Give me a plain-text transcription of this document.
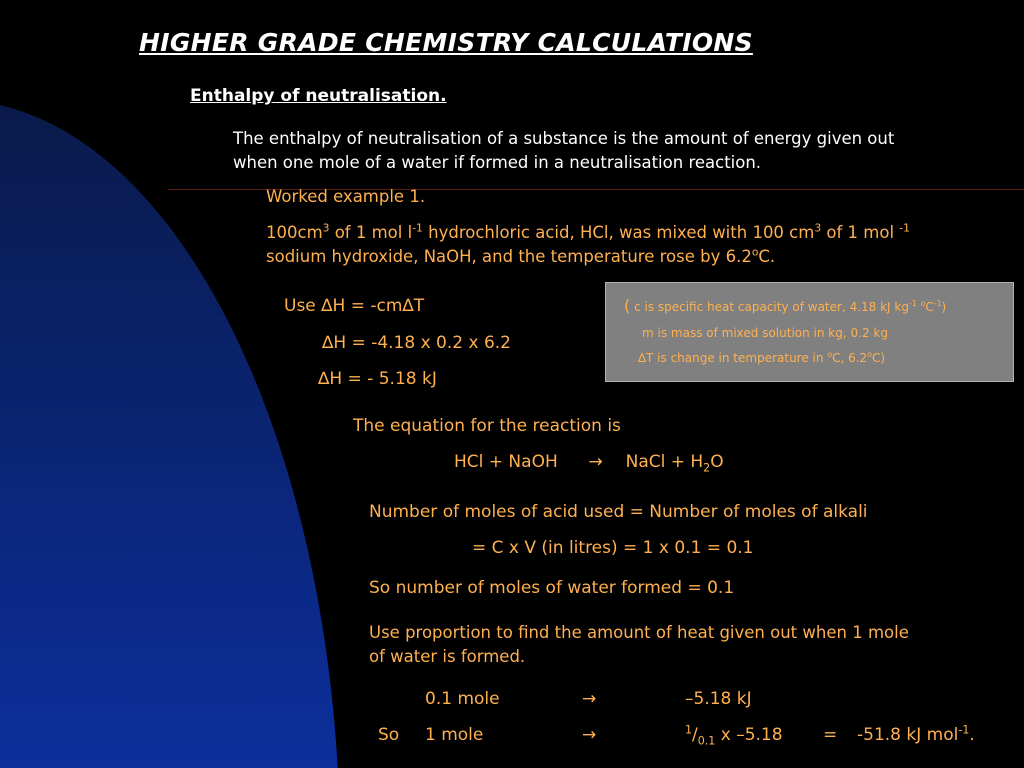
HIGHER GRADE CHEMISTRY CALCULATIONS
Enthalpy of neutralisation.
The enthalpy of neutralisation of a substance is the amount of energy given out
when one mole of a water if formed in a neutralisation reaction.
Worked example 1.
$100cm^3$ of 1 mol $l^{-1}$ hydrochloric acid, HCl, was mixed with 100 $cm^3$ of 1 mol $^{-1}$
sodium hydroxide, NaOH, and the temperature rose by 6.2$^o$C.
Use ∆H = -cm∆T
∆H = -4.18 x 0.2 x 6.2
∆H = - 5.18 kJ
( c is specific heat capacity of water, 4.18 kJ $kg^{-1}$ $^oC^{-1}$)
m is mass of mixed solution in kg, 0.2 kg
∆T is change in temperature in $^o$C, 6.2$^o$C)
The equation for the reaction is
HCl + NaOH → NaCl + $H_2O$
Number of moles of acid used = Number of moles of alkali
= C x V (in litres) = 1 x 0.1 = 0.1
So number of moles of water formed = 0.1
Use proportion to find the amount of heat given out when 1 mole
of water is formed.
0.1 mole	→	–5.18 kJ
So 1 mole	→	$^1/_{0.1}$ x –5.18 = -51.8 kJ mol$^{-1}$.
